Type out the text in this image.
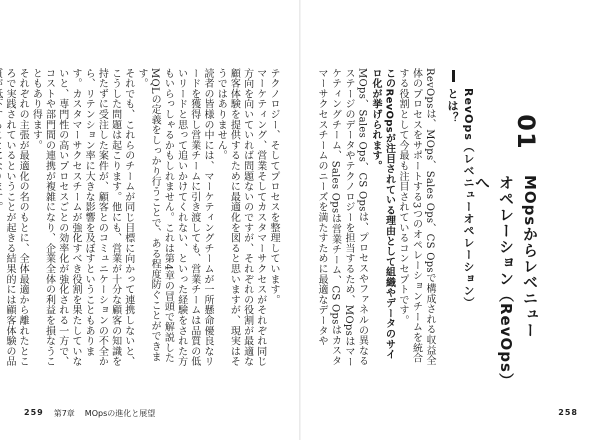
01
MOpsからレベニュー
オペレーション（RevOps）へ
RevOps（レベニューオペレーション）とは？

RevOpsは、MOps、Sales Ops、CS Opsで構成される収益全体のプロセスをサポートする3つのオペレーションチームを統合する役割として今最も注目されているコンセプトです。

このRevOpsが注目されている理由として組織やデータのサイロ化が挙げられます。

MOps、Sales Ops、CS Opsは、プロセスやファネルの異なるステージのデータやテクノロジーを担当するため、MOpsはマーケティングチーム、Sales Opsは営業チーム、CS Opsはカスタマーサクセスチームのニーズを満たすために最適なデータや

テクノロジー、そしてプロセスを整理しています。

マーケティング、営業そしてカスタマーサクセスがそれぞれ同じ方向を向いていれば問題ないのですが、それぞれの役割が最適な顧客体験を提供するために最適化を図ると思いますが、現実はそうではありません。

読者の皆様の中には、マーケティングチームが一所懸命優良なリードを獲得し営業チームに引き渡しても、営業チームは品質の低いリードと思って追いかけてくれない、といった経験をされた方もいらっしゃるかもしれません。これは第4章の冒頭で解説したMQLの定義をしっかり行うことで、ある程度防ぐことができます。

それでも、これらのチームが同じ目標に向かって連携しないと、こうした問題は起こります。他にも、営業が十分な顧客の知識を持たずに受注した案件が、顧客とのコミュニケーションの不全から、リテンション率に大きな影響を及ぼすということもあります。カスタマーサクセスチームが強化すべき役割を果たしていないと、専門性の高いプロセスごとの効率化が強化される一方で、コストや部門間の連携が複雑になり、企業全体の利益を損なうこともあり得ます。

それぞれの主張が最適化の名のもとに、全体最適から離れたところで実践されているということが起きる結果的には顧客体験の品

259 第7章 MOpsの進化と展望	258
